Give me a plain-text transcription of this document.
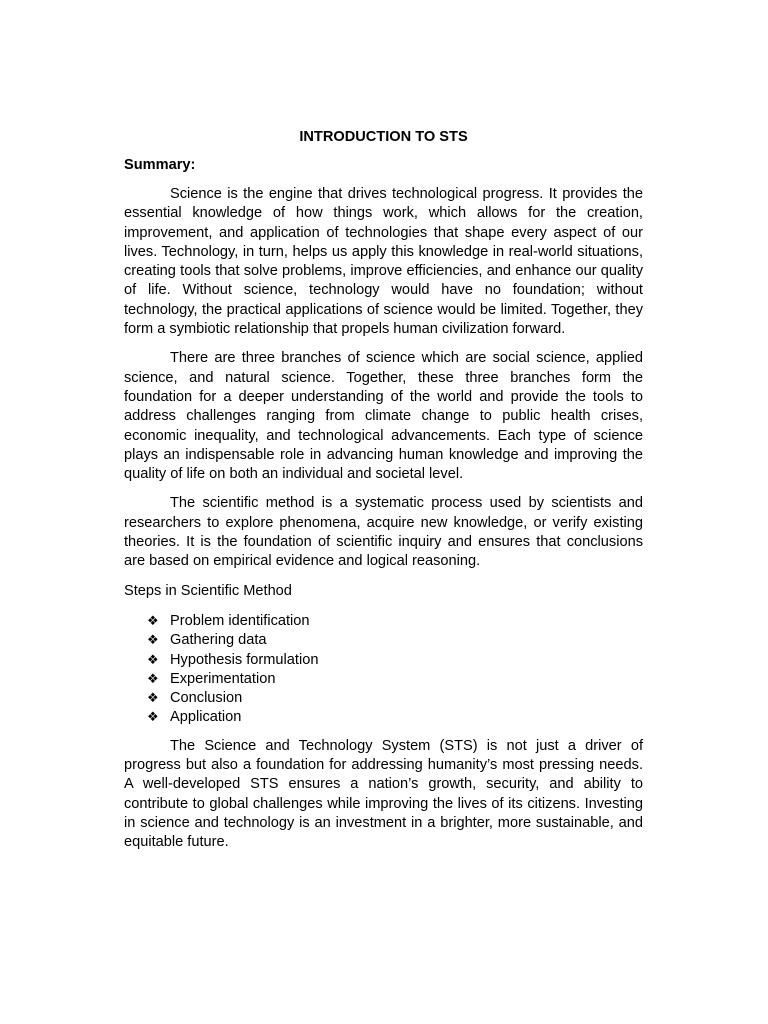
INTRODUCTION TO STS
Summary:

Science is the engine that drives technological progress. It provides the essential knowledge of how things work, which allows for the creation, improvement, and application of technologies that shape every aspect of our lives. Technology, in turn, helps us apply this knowledge in real-world situations, creating tools that solve problems, improve efficiencies, and enhance our quality of life. Without science, technology would have no foundation; without technology, the practical applications of science would be limited. Together, they form a symbiotic relationship that propels human civilization forward.

There are three branches of science which are social science, applied science, and natural science. Together, these three branches form the foundation for a deeper understanding of the world and provide the tools to address challenges ranging from climate change to public health crises, economic inequality, and technological advancements. Each type of science plays an indispensable role in advancing human knowledge and improving the quality of life on both an individual and societal level.

The scientific method is a systematic process used by scientists and researchers to explore phenomena, acquire new knowledge, or verify existing theories. It is the foundation of scientific inquiry and ensures that conclusions are based on empirical evidence and logical reasoning.

Steps in Scientific Method
❖ Problem identification
❖ Gathering data
❖ Hypothesis formulation
❖ Experimentation
❖ Conclusion
❖ Application

The Science and Technology System (STS) is not just a driver of progress but also a foundation for addressing humanity’s most pressing needs. A well-developed STS ensures a nation’s growth, security, and ability to contribute to global challenges while improving the lives of its citizens. Investing in science and technology is an investment in a brighter, more sustainable, and equitable future.
